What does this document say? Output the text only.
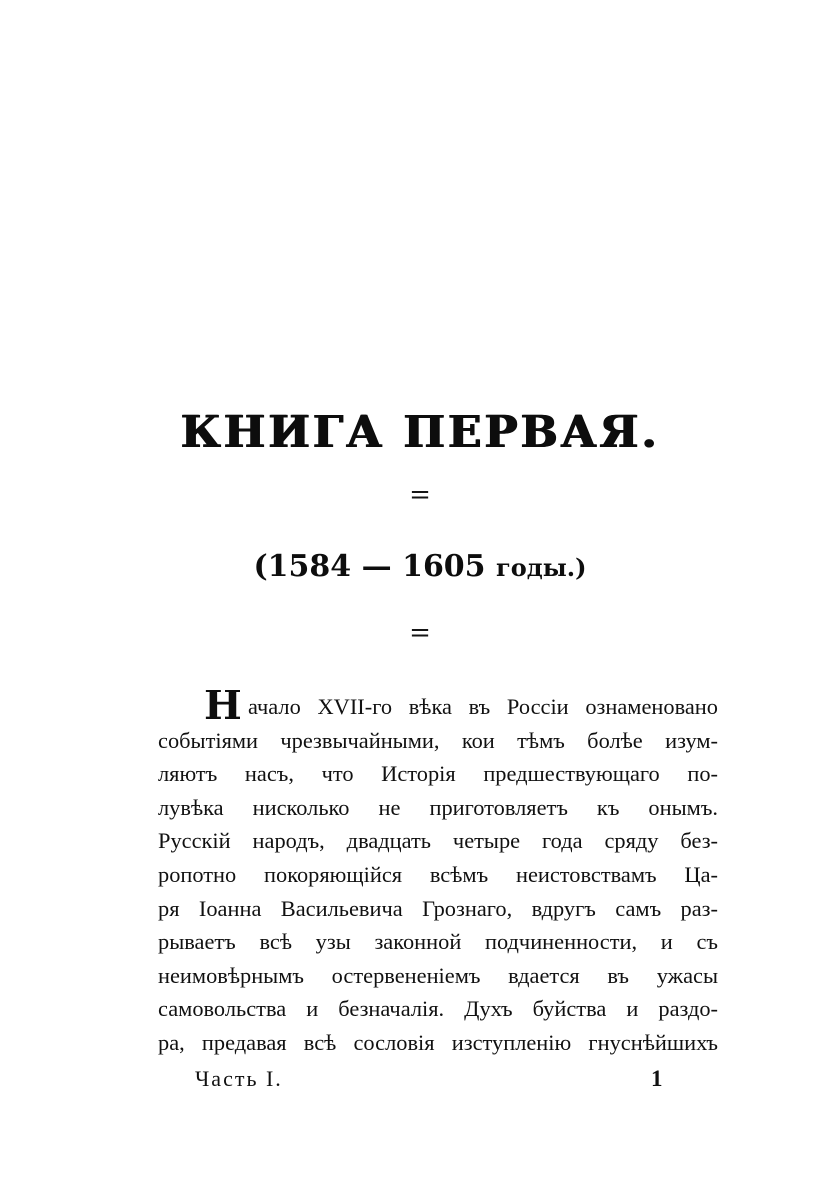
КНИГА ПЕРВАЯ.
=
(1584 — 1605 годы.)
=
Н ачало XVII-го вѣка въ Россіи ознаменовано
событіями чрезвычайными, кои тѣмъ болѣе изум-
ляютъ насъ, что Исторія предшествующаго по-
лувѣка нисколько не приготовляетъ къ онымъ.
Русскій народъ, двадцать четыре года сряду без-
ропотно покоряющійся всѣмъ неистовствамъ Ца-
ря Іоанна Васильевича Грознаго, вдругъ самъ раз-
рываетъ всѣ узы законной подчиненности, и съ
неимовѣрнымъ остервененіемъ вдается въ ужасы
самовольства и безначалія. Духъ буйства и раздо-
ра, предавая всѣ сословія изступленію гнуснѣйшихъ
Часть I.	1
